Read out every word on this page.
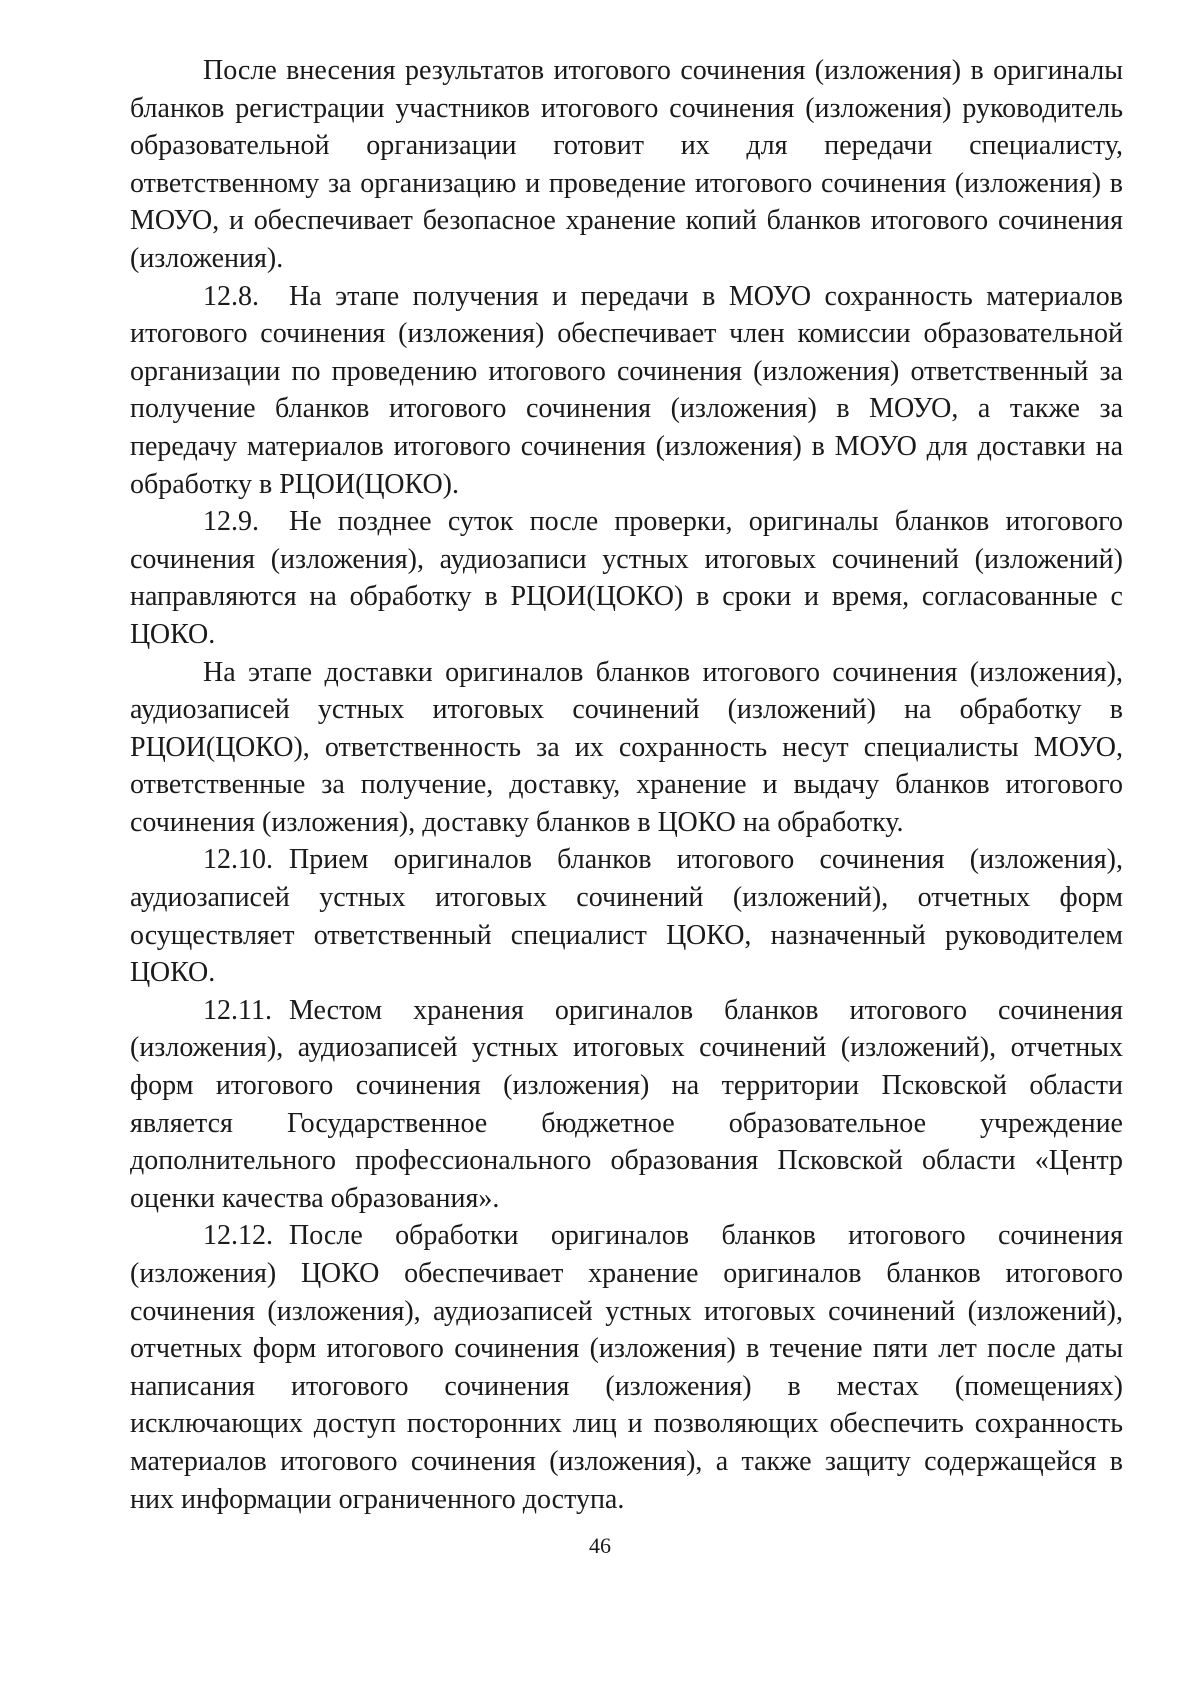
После внесения результатов итогового сочинения (изложения) в оригиналы бланков регистрации участников итогового сочинения (изложения) руководитель образовательной организации готовит их для передачи специалисту, ответственному за организацию и проведение итогового сочинения (изложения) в МОУО, и обеспечивает безопасное хранение копий бланков итогового сочинения (изложения).

12.8. На этапе получения и передачи в МОУО сохранность материалов итогового сочинения (изложения) обеспечивает член комиссии образовательной организации по проведению итогового сочинения (изложения) ответственный за получение бланков итогового сочинения (изложения) в МОУО, а также за передачу материалов итогового сочинения (изложения) в МОУО для доставки на обработку в РЦОИ(ЦОКО).

12.9. Не позднее суток после проверки, оригиналы бланков итогового сочинения (изложения), аудиозаписи устных итоговых сочинений (изложений) направляются на обработку в РЦОИ(ЦОКО) в сроки и время, согласованные с ЦОКО.

На этапе доставки оригиналов бланков итогового сочинения (изложения), аудиозаписей устных итоговых сочинений (изложений) на обработку в РЦОИ(ЦОКО), ответственность за их сохранность несут специалисты МОУО, ответственные за получение, доставку, хранение и выдачу бланков итогового сочинения (изложения), доставку бланков в ЦОКО на обработку.

12.10. Прием оригиналов бланков итогового сочинения (изложения), аудиозаписей устных итоговых сочинений (изложений), отчетных форм осуществляет ответственный специалист ЦОКО, назначенный руководителем ЦОКО.

12.11. Местом хранения оригиналов бланков итогового сочинения (изложения), аудиозаписей устных итоговых сочинений (изложений), отчетных форм итогового сочинения (изложения) на территории Псковской области является Государственное бюджетное образовательное учреждение дополнительного профессионального образования Псковской области «Центр оценки качества образования».

12.12. После обработки оригиналов бланков итогового сочинения (изложения) ЦОКО обеспечивает хранение оригиналов бланков итогового сочинения (изложения), аудиозаписей устных итоговых сочинений (изложений), отчетных форм итогового сочинения (изложения) в течение пяти лет после даты написания итогового сочинения (изложения) в местах (помещениях) исключающих доступ посторонних лиц и позволяющих обеспечить сохранность материалов итогового сочинения (изложения), а также защиту содержащейся в них информации ограниченного доступа.

46
